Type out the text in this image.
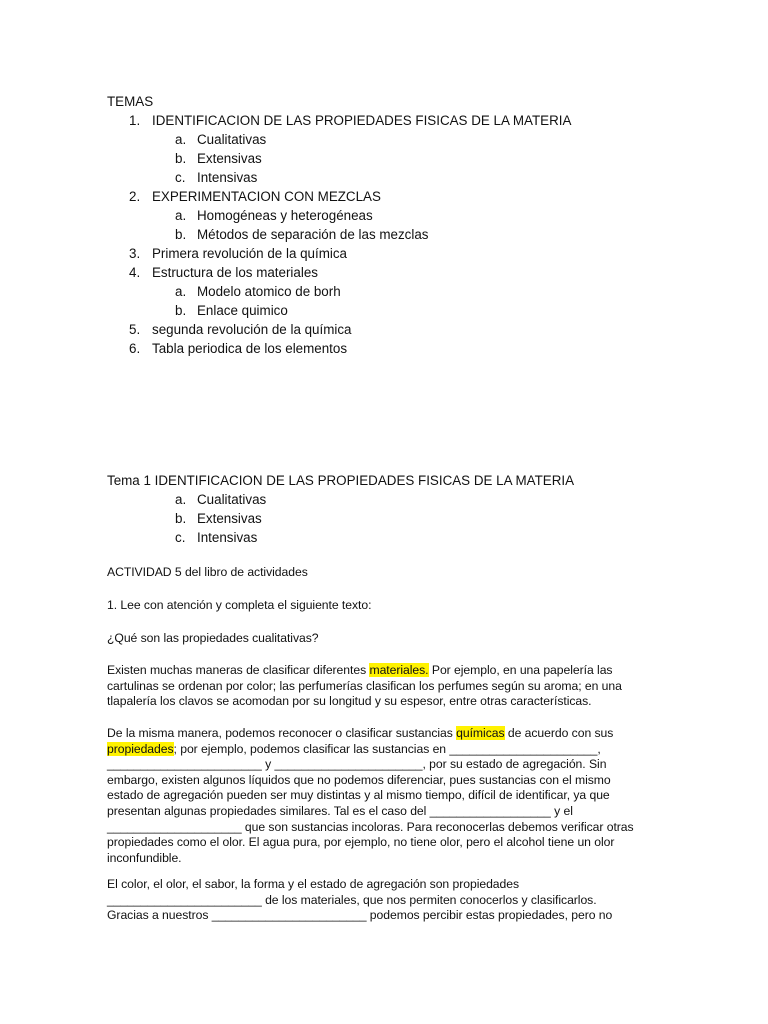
TEMAS
1. IDENTIFICACION DE LAS PROPIEDADES FISICAS DE LA MATERIA
a. Cualitativas
b. Extensivas
c. Intensivas
2. EXPERIMENTACION CON MEZCLAS
a. Homogéneas y heterogéneas
b. Métodos de separación de las mezclas
3. Primera revolución de la química
4. Estructura de los materiales
a. Modelo atomico de borh
b. Enlace quimico
5. segunda revolución de la química
6. Tabla periodica de los elementos
Tema 1 IDENTIFICACION DE LAS PROPIEDADES FISICAS DE LA MATERIA
a. Cualitativas
b. Extensivas
c. Intensivas
ACTIVIDAD 5 del libro de actividades
1. Lee con atención y completa el siguiente texto:
¿Qué son las propiedades cualitativas?
Existen muchas maneras de clasificar diferentes materiales. Por ejemplo, en una papelería las
cartulinas se ordenan por color; las perfumerías clasifican los perfumes según su aroma; en una
tlapalería los clavos se acomodan por su longitud y su espesor, entre otras características.
De la misma manera, podemos reconocer o clasificar sustancias químicas de acuerdo con sus
propiedades; por ejemplo, podemos clasificar las sustancias en ______________________,
_______________________ y ______________________, por su estado de agregación. Sin
embargo, existen algunos líquidos que no podemos diferenciar, pues sustancias con el mismo
estado de agregación pueden ser muy distintas y al mismo tiempo, difícil de identificar, ya que
presentan algunas propiedades similares. Tal es el caso del __________________ y el
____________________ que son sustancias incoloras. Para reconocerlas debemos verificar otras
propiedades como el olor. El agua pura, por ejemplo, no tiene olor, pero el alcohol tiene un olor
inconfundible.
El color, el olor, el sabor, la forma y el estado de agregación son propiedades
_______________________ de los materiales, que nos permiten conocerlos y clasificarlos.
Gracias a nuestros _______________________ podemos percibir estas propiedades, pero no
